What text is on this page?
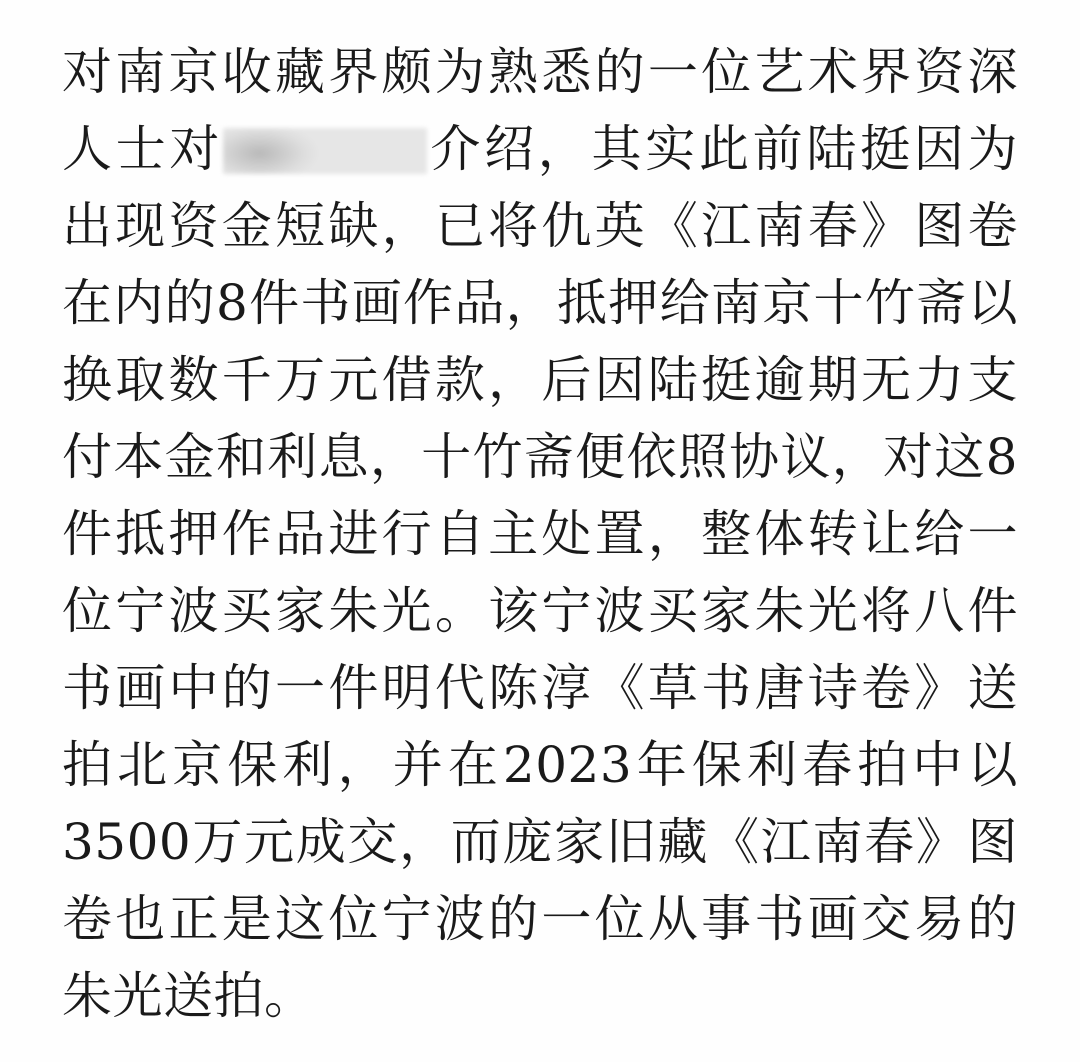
对南京收藏界颇为熟悉的一位艺术界资深人士对	介绍，其实此前陆挺因为出现资金短缺，已将仇英《江南春》图卷在内的8件书画作品，抵押给南京十竹斋以换取数千万元借款，后因陆挺逾期无力支付本金和利息，十竹斋便依照协议，对这8件抵押作品进行自主处置，整体转让给一位宁波买家朱光。该宁波买家朱光将八件书画中的一件明代陈淳《草书唐诗卷》送拍北京保利，并在2023年保利春拍中以3500万元成交，而庞家旧藏《江南春》图卷也正是这位宁波的一位从事书画交易的朱光送拍。
